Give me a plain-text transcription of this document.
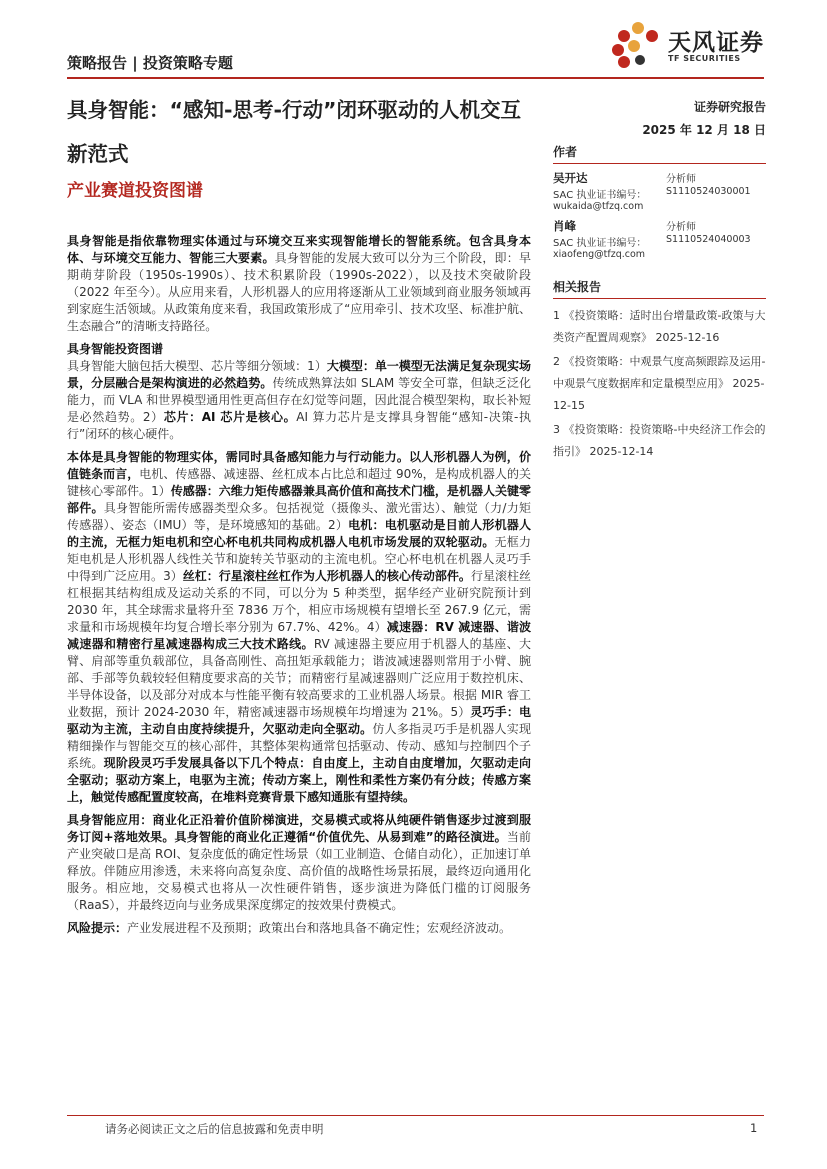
策略报告 | 投资策略专题
天风证券
TF SECURITIES
具身智能：“感知-思考-行动”闭环驱动的人机交互新范式
产业赛道投资图谱

具身智能是指依靠物理实体通过与环境交互来实现智能增长的智能系统。包含具身本体、与环境交互能力、智能三大要素。具身智能的发展大致可以分为三个阶段，即：早期萌芽阶段（1950s-1990s）、技术积累阶段（1990s-2022），以及技术突破阶段（2022 年至今）。从应用来看，人形机器人的应用将逐渐从工业领域到商业服务领域再到家庭生活领域。从政策角度来看，我国政策形成了“应用牵引、技术攻坚、标准护航、生态融合”的清晰支持路径。

具身智能投资图谱

具身智能大脑包括大模型、芯片等细分领域：1）大模型：单一模型无法满足复杂现实场景，分层融合是架构演进的必然趋势。传统成熟算法如 SLAM 等安全可靠，但缺乏泛化能力，而 VLA 和世界模型通用性更高但存在幻觉等问题，因此混合模型架构，取长补短是必然趋势。2）芯片：AI 芯片是核心。AI 算力芯片是支撑具身智能“感知-决策-执行”闭环的核心硬件。

本体是具身智能的物理实体，需同时具备感知能力与行动能力。以人形机器人为例，价值链条而言，电机、传感器、减速器、丝杠成本占比总和超过 90%，是构成机器人的关键核心零部件。1）传感器：六维力矩传感器兼具高价值和高技术门槛，是机器人关键零部件。具身智能所需传感器类型众多。包括视觉（摄像头、激光雷达）、触觉（力/力矩传感器）、姿态（IMU）等，是环境感知的基础。2）电机：电机驱动是目前人形机器人的主流，无框力矩电机和空心杯电机共同构成机器人电机市场发展的双轮驱动。无框力矩电机是人形机器人线性关节和旋转关节驱动的主流电机。空心杯电机在机器人灵巧手中得到广泛应用。3）丝杠：行星滚柱丝杠作为人形机器人的核心传动部件。行星滚柱丝杠根据其结构组成及运动关系的不同，可以分为 5 种类型，据华经产业研究院预计到 2030 年，其全球需求量将升至 7836 万个，相应市场规模有望增长至 267.9 亿元，需求量和市场规模年均复合增长率分别为 67.7%、42%。4）减速器：RV 减速器、谐波减速器和精密行星减速器构成三大技术路线。RV 减速器主要应用于机器人的基座、大臂、肩部等重负载部位，具备高刚性、高扭矩承载能力；谐波减速器则常用于小臂、腕部、手部等负载较轻但精度要求高的关节；而精密行星减速器则广泛应用于数控机床、半导体设备，以及部分对成本与性能平衡有较高要求的工业机器人场景。根据 MIR 睿工业数据，预计 2024-2030 年，精密减速器市场规模年均增速为 21%。5）灵巧手：电驱动为主流，主动自由度持续提升，欠驱动走向全驱动。仿人多指灵巧手是机器人实现精细操作与智能交互的核心部件，其整体架构通常包括驱动、传动、感知与控制四个子系统。现阶段灵巧手发展具备以下几个特点：自由度上，主动自由度增加，欠驱动走向全驱动；驱动方案上，电驱为主流；传动方案上，刚性和柔性方案仍有分歧；传感方案上，触觉传感配置度较高，在堆料竞赛背景下感知通胀有望持续。

具身智能应用：商业化正沿着价值阶梯演进，交易模式或将从纯硬件销售逐步过渡到服务订阅+落地效果。具身智能的商业化正遵循“价值优先、从易到难”的路径演进。当前产业突破口是高 ROI、复杂度低的确定性场景（如工业制造、仓储自动化），正加速订单释放。伴随应用渗透，未来将向高复杂度、高价值的战略性场景拓展，最终迈向通用化服务。相应地，交易模式也将从一次性硬件销售，逐步演进为降低门槛的订阅服务（RaaS），并最终迈向与业务成果深度绑定的按效果付费模式。

风险提示：产业发展进程不及预期；政策出台和落地具备不确定性；宏观经济波动。

证券研究报告
2025 年 12 月 18 日
作者
吴开达	分析师
SAC 执业证书编号： S1110524030001
wukaida@tfzq.com
肖峰	分析师
SAC 执业证书编号： S1110524040003
xiaofeng@tfzq.com
相关报告
1 《投资策略：适时出台增量政策-政策与大类资产配置周观察》 2025-12-16
2 《投资策略：中观景气度高频跟踪及运用-中观景气度数据库和定量模型应用》 2025-12-15
3 《投资策略：投资策略-中央经济工作会的指引》 2025-12-14
请务必阅读正文之后的信息披露和免责申明	1
